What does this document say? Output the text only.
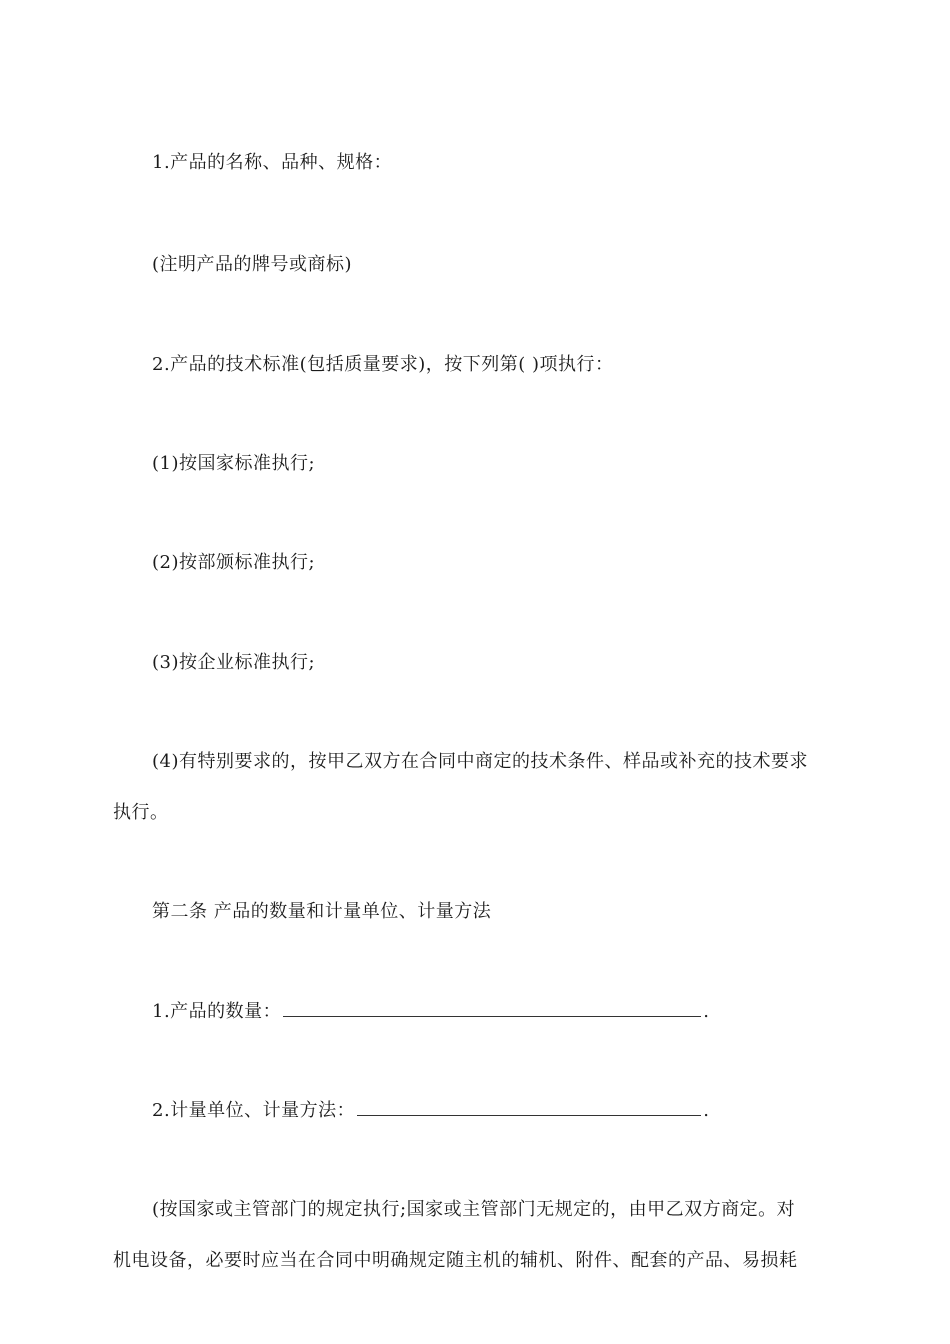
1.产品的名称、品种、规格：
(注明产品的牌号或商标)
2.产品的技术标准(包括质量要求)，按下列第( )项执行：
(1)按国家标准执行;
(2)按部颁标准执行;
(3)按企业标准执行;
(4)有特别要求的，按甲乙双方在合同中商定的技术条件、样品或补充的技术要求
执行。
第二条 产品的数量和计量单位、计量方法
1.产品的数量：	.
2.计量单位、计量方法：	.
(按国家或主管部门的规定执行;国家或主管部门无规定的，由甲乙双方商定。对
机电设备，必要时应当在合同中明确规定随主机的辅机、附件、配套的产品、易损耗
